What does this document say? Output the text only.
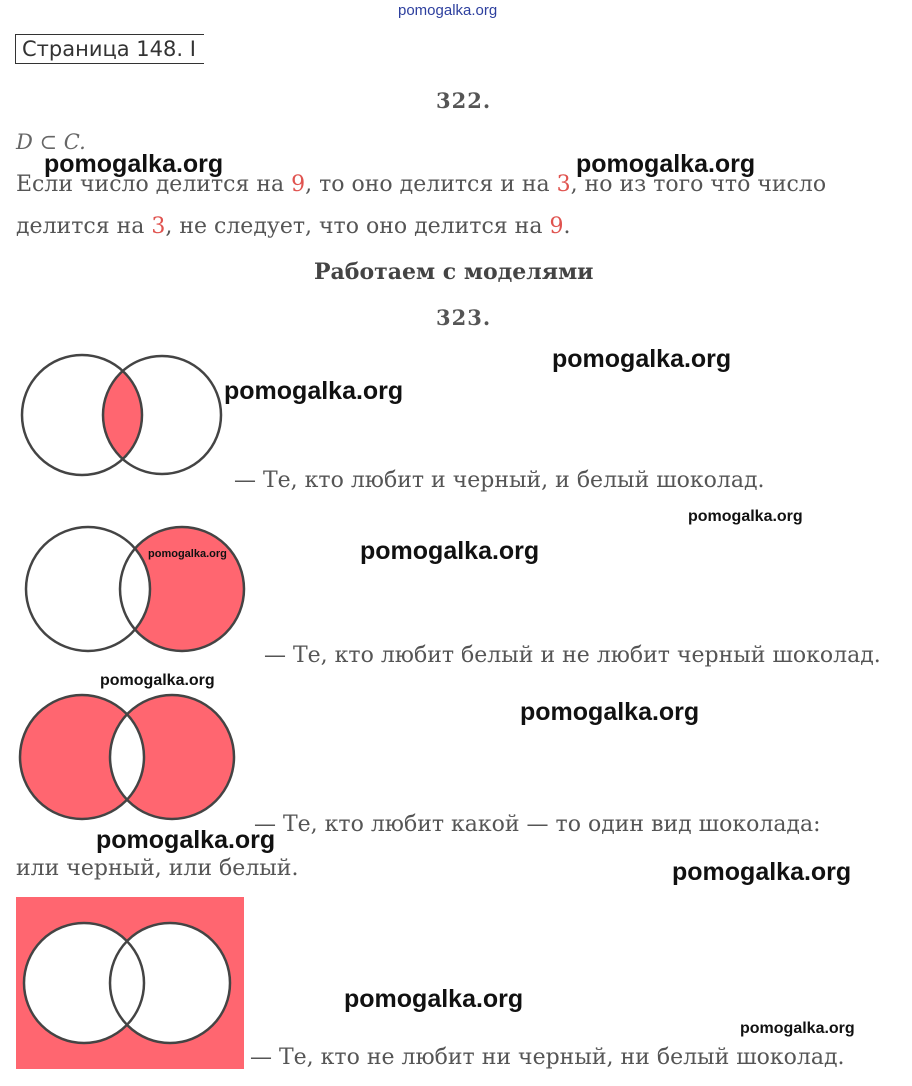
pomogalka.org
Страница 148. I
322.
D ⊂ C.
Если число делится на 9, то оно делится и на 3, но из того что число
делится на 3, не следует, что оно делится на 9.
Работаем с моделями
323.
— Те, кто любит и черный, и белый шоколад.
— Те, кто любит белый и не любит черный шоколад.
— Те, кто любит какой — то один вид шоколада:
или черный, или белый.
— Те, кто не любит ни черный, ни белый шоколад.
pomogalka.org	pomogalka.org
pomogalka.org
pomogalka.org
pomogalka.org
pomogalka.org	pomogalka.org
pomogalka.org
pomogalka.org
pomogalka.org
pomogalka.org
pomogalka.org
pomogalka.org
